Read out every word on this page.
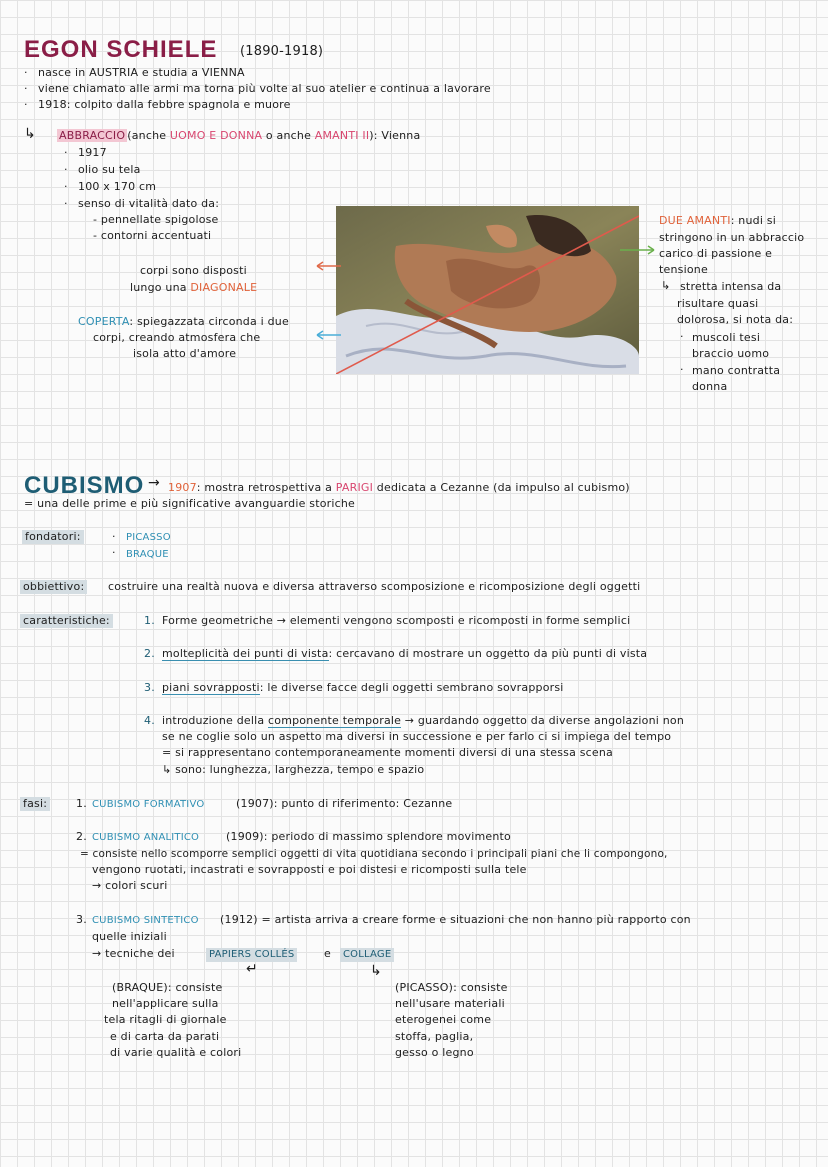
EGON SCHIELE (1890-1918)
· nasce in AUSTRIA e studia a VIENNA
· viene chiamato alle armi ma torna più volte al suo atelier e continua a lavorare
· 1918: colpito dalla febbre spagnola e muore
↳ ABBRACCIO (anche UOMO E DONNA o anche AMANTI II): Vienna
· 1917
· olio su tela
· 100 x 170 cm
· senso di vitalità dato da:
- pennellate spigolose
- contorni accentuati
corpi sono disposti
lungo una DIAGONALE
COPERTA: spiegazzata circonda i due
corpi, creando atmosfera che
isola atto d'amore
DUE AMANTI: nudi si
stringono in un abbraccio
carico di passione e
tensione
↳ stretta intensa da
risultare quasi
dolorosa, si nota da:
· muscoli tesi
braccio uomo
· mano contratta
donna
CUBISMO → 1907: mostra retrospettiva a PARIGI dedicata a Cezanne (da impulso al cubismo)
= una delle prime e più significative avanguardie storiche
fondatori:	· PICASSO
· BRAQUE
obbiettivo: costruire una realtà nuova e diversa attraverso scomposizione e ricomposizione degli oggetti
caratteristiche:	1. Forme geometriche → elementi vengono scomposti e ricomposti in forme semplici
2. molteplicità dei punti di vista: cercavano di mostrare un oggetto da più punti di vista
3. piani sovrapposti: le diverse facce degli oggetti sembrano sovrapporsi
4. introduzione della componente temporale → guardando oggetto da diverse angolazioni non
se ne coglie solo un aspetto ma diversi in successione e per farlo ci si impiega del tempo
= si rappresentano contemporaneamente momenti diversi di una stessa scena
↳ sono: lunghezza, larghezza, tempo e spazio
fasi:	1. CUBISMO FORMATIVO	(1907): punto di riferimento: Cezanne
2. CUBISMO ANALITICO (1909): periodo di massimo splendore movimento
= consiste nello scomporre semplici oggetti di vita quotidiana secondo i principali piani che li compongono,
vengono ruotati, incastrati e sovrapposti e poi distesi e ricomposti sulla tele
→ colori scuri
3. CUBISMO SINTETICO (1912) = artista arriva a creare forme e situazioni che non hanno più rapporto con
quelle iniziali
→ tecniche dei	PAPIERS COLLÉS	e	COLLAGE
↵	↳
(BRAQUE): consiste
nell'applicare sulla
tela ritagli di giornale
e di carta da parati
di varie qualità e colori
(PICASSO): consiste
nell'usare materiali
eterogenei come
stoffa, paglia,
gesso o legno
